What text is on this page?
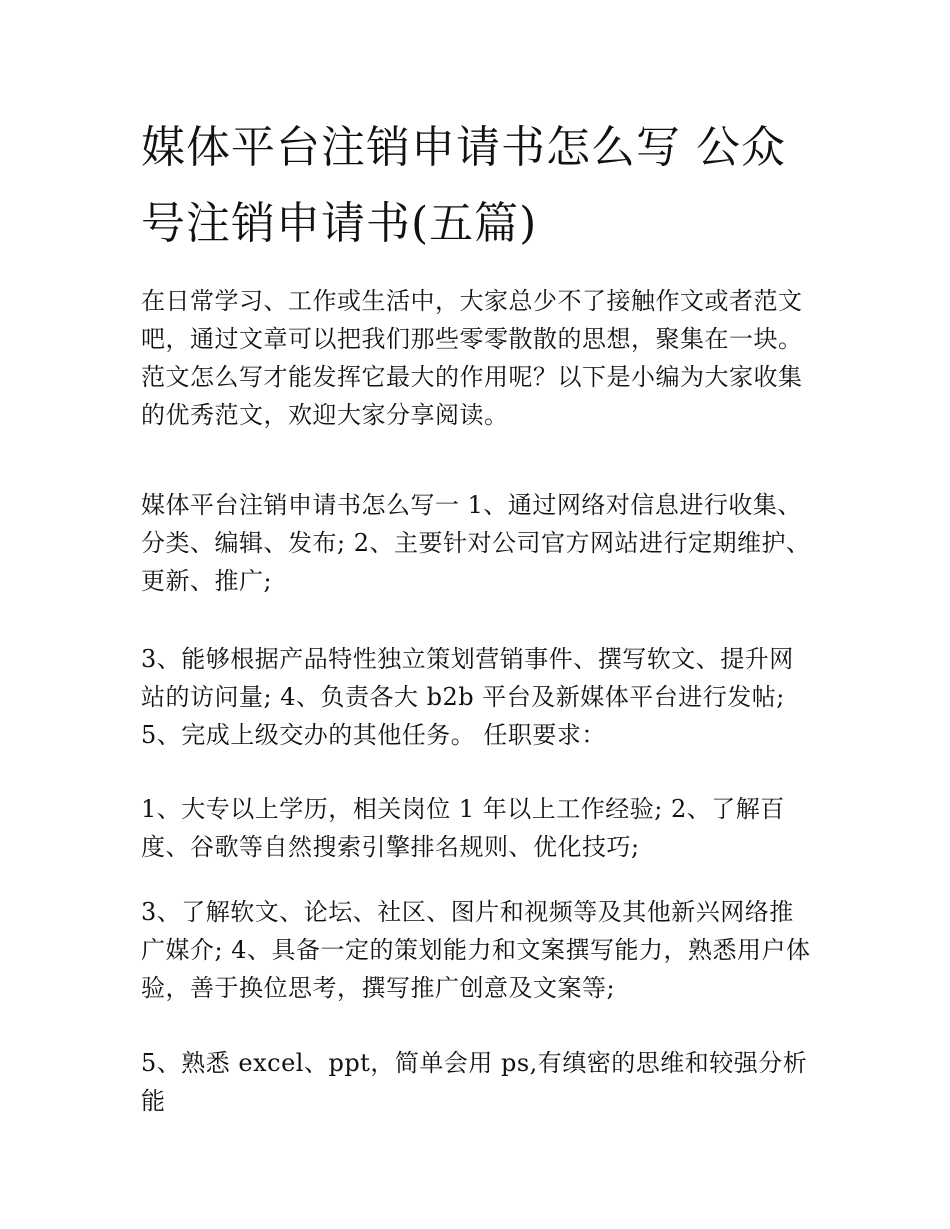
媒体平台注销申请书怎么写 公众号注销申请书(五篇)

在日常学习、工作或生活中，大家总少不了接触作文或者范文吧，通过文章可以把我们那些零零散散的思想，聚集在一块。范文怎么写才能发挥它最大的作用呢？以下是小编为大家收集的优秀范文，欢迎大家分享阅读。

媒体平台注销申请书怎么写一 1、通过网络对信息进行收集、分类、编辑、发布; 2、主要针对公司官方网站进行定期维护、更新、推广;

3、能够根据产品特性独立策划营销事件、撰写软文、提升网站的访问量; 4、负责各大 b2b 平台及新媒体平台进行发帖; 5、完成上级交办的其他任务。 任职要求：

1、大专以上学历，相关岗位 1 年以上工作经验; 2、了解百度、谷歌等自然搜索引擎排名规则、优化技巧;

3、了解软文、论坛、社区、图片和视频等及其他新兴网络推广媒介; 4、具备一定的策划能力和文案撰写能力，熟悉用户体验，善于换位思考，撰写推广创意及文案等;

5、熟悉 excel、ppt，简单会用 ps,有缜密的思维和较强分析能
